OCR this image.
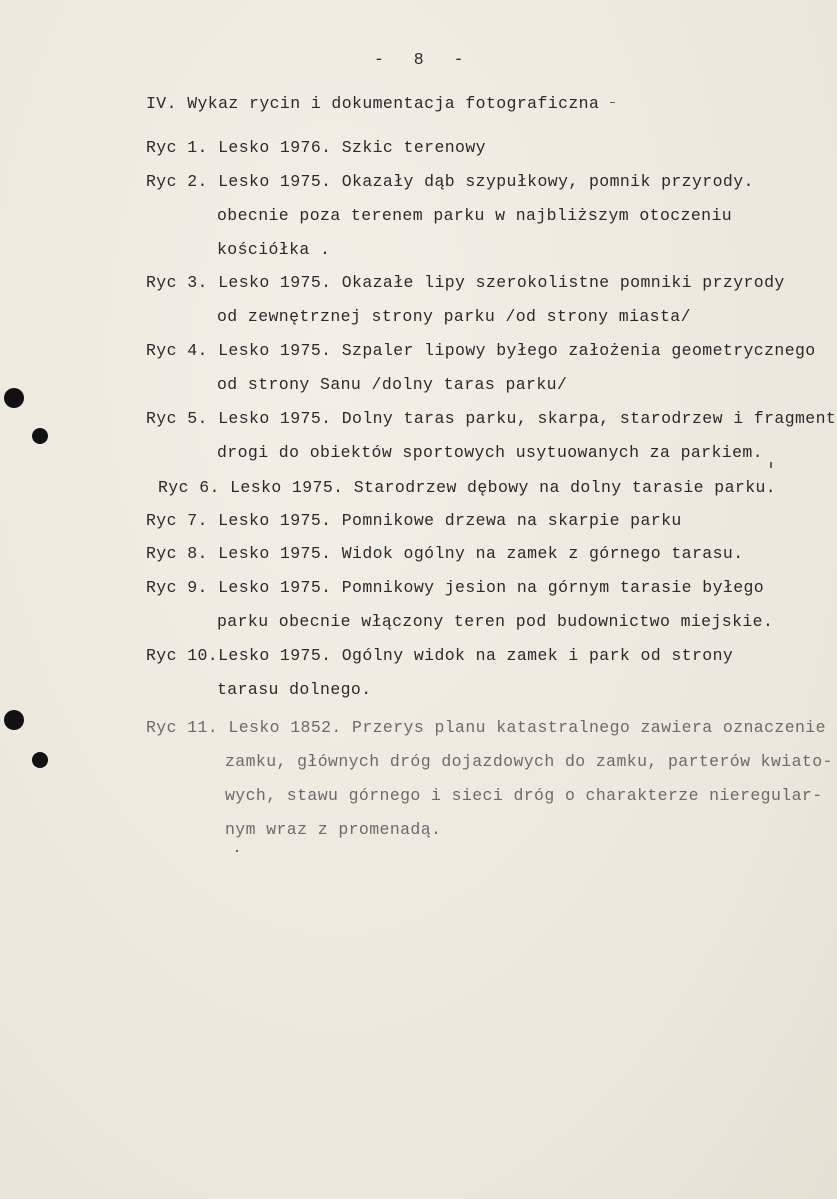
- 8 -
IV. Wykaz rycin i dokumentacja fotograficzna
Ryc 1. Lesko 1976. Szkic terenowy
Ryc 2. Lesko 1975. Okazały dąb szypułkowy, pomnik przyrody.
obecnie poza terenem parku w najbliższym otoczeniu
kościółka .
Ryc 3. Lesko 1975. Okazałe lipy szerokolistne pomniki przyrody
od zewnętrznej strony parku /od strony miasta/
Ryc 4. Lesko 1975. Szpaler lipowy byłego założenia geometrycznego
od strony Sanu /dolny taras parku/
Ryc 5. Lesko 1975. Dolny taras parku, skarpa, starodrzew i fragment
drogi do obiektów sportowych usytuowanych za parkiem.
Ryc 6. Lesko 1975. Starodrzew dębowy na dolny tarasie parku.
Ryc 7. Lesko 1975. Pomnikowe drzewa na skarpie parku
Ryc 8. Lesko 1975. Widok ogólny na zamek z górnego tarasu.
Ryc 9. Lesko 1975. Pomnikowy jesion na górnym tarasie byłego
parku obecnie włączony teren pod budownictwo miejskie.
Ryc 10.Lesko 1975. Ogólny widok na zamek i park od strony
tarasu dolnego.
Ryc 11. Lesko 1852. Przerys planu katastralnego zawiera oznaczenie
zamku, głównych dróg dojazdowych do zamku, parterów kwiato-
wych, stawu górnego i sieci dróg o charakterze nieregular-
nym wraz z promenadą.
